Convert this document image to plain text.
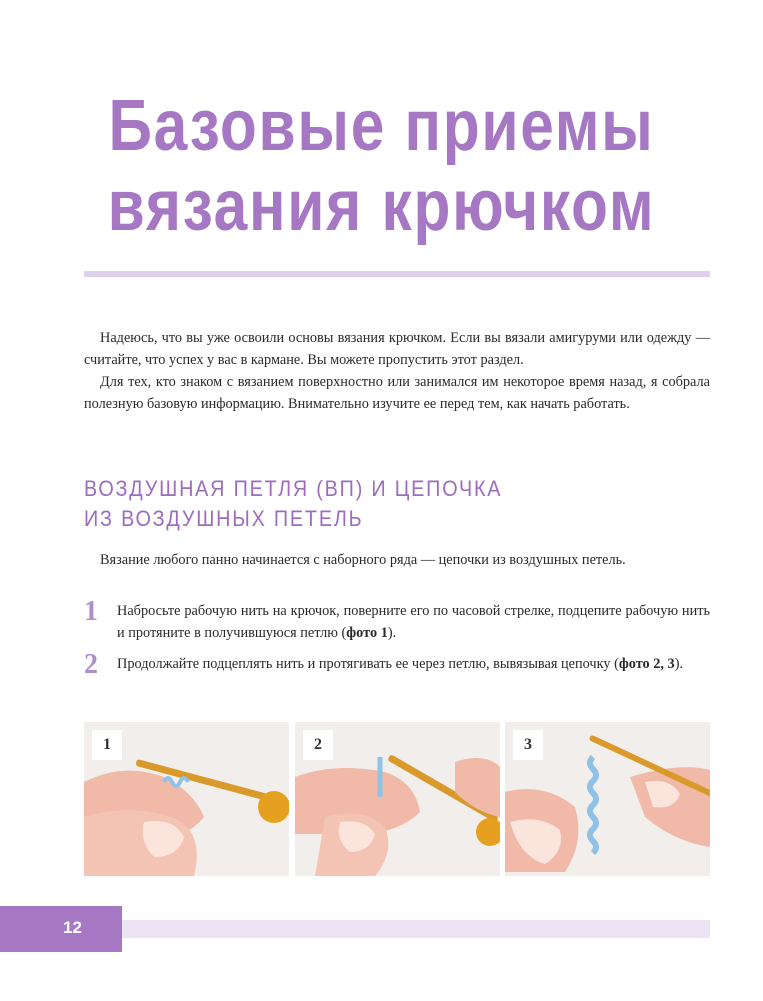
Базовые приемы
вязания крючком

Надеюсь, что вы уже освоили основы вязания крючком. Если вы вязали амигуруми или одежду — считайте, что успех у вас в кармане. Вы можете пропустить этот раздел.

Для тех, кто знаком с вязанием поверхностно или занимался им некоторое время назад, я собрала полезную базовую информацию. Внимательно изучите ее перед тем, как начать работать.

ВОЗДУШНАЯ ПЕТЛЯ (ВП) И ЦЕПОЧКА
ИЗ ВОЗДУШНЫХ ПЕТЕЛЬ
Вязание любого панно начинается с наборного ряда — цепочки из воздушных петель.
1 Набросьте рабочую нить на крючок, поверните его по часовой стрелке, подцепите рабочую нить и протяните в получившуюся петлю (фото 1).
2 Продолжайте подцеплять нить и протягивать ее через петлю, вывязывая цепочку (фото 2, 3).
1	2	3
12
